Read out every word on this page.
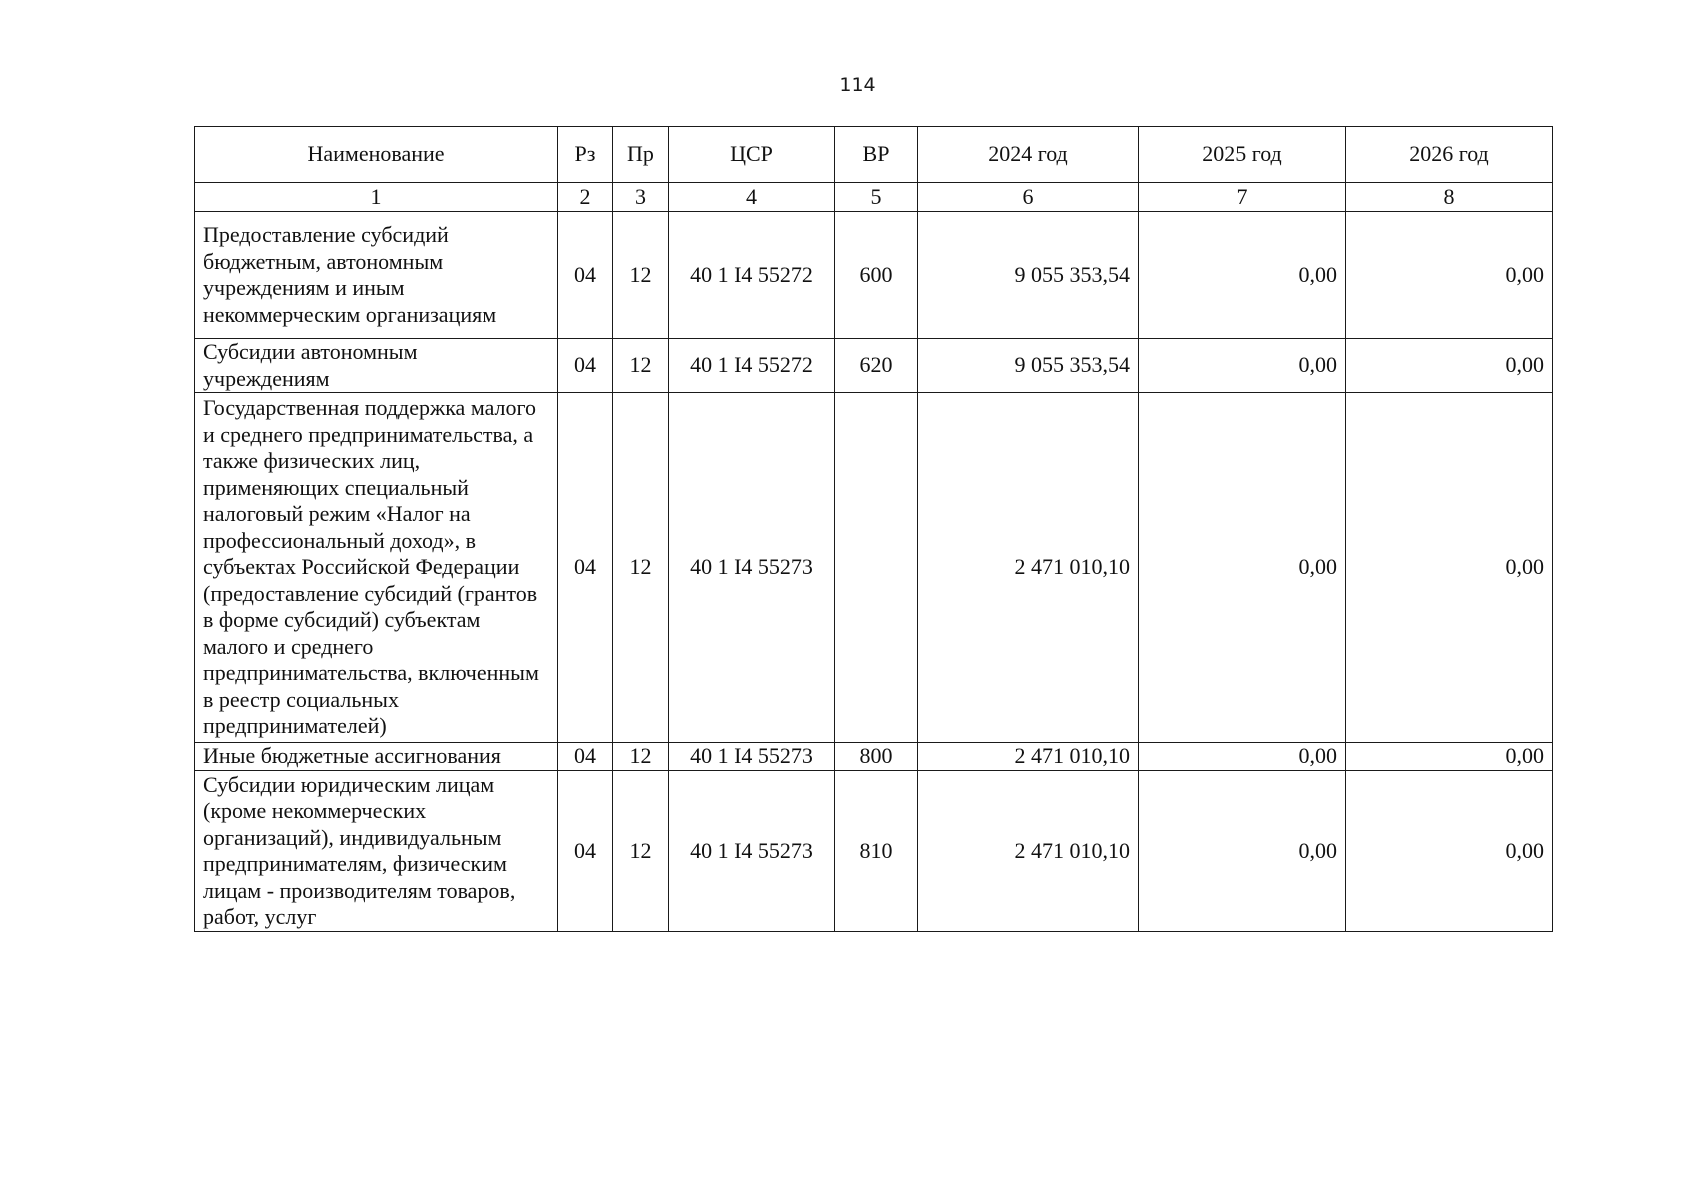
114
Наименование	Рз	Пр	ЦСР	ВР	2024 год	2025 год	2026 год
1	2	3	4	5	6	7	8
Предоставление субсидий бюджетным, автономным учреждениям и иным некоммерческим организациям	04	12	40 1 I4 55272	600	9 055 353,54	0,00	0,00
Субсидии автономным учреждениям	04	12	40 1 I4 55272	620	9 055 353,54	0,00	0,00
Государственная поддержка малого и среднего предпринимательства, а также физических лиц, применяющих специальный налоговый режим «Налог на профессиональный доход», в субъектах Российской Федерации (предоставление субсидий (грантов в форме субсидий) субъектам малого и среднего предпринимательства, включенным в реестр социальных предпринимателей)	04	12	40 1 I4 55273		2 471 010,10	0,00	0,00
Иные бюджетные ассигнования	04	12	40 1 I4 55273	800	2 471 010,10	0,00	0,00
Субсидии юридическим лицам (кроме некоммерческих организаций), индивидуальным предпринимателям, физическим лицам - производителям товаров, работ, услуг	04	12	40 1 I4 55273	810	2 471 010,10	0,00	0,00
